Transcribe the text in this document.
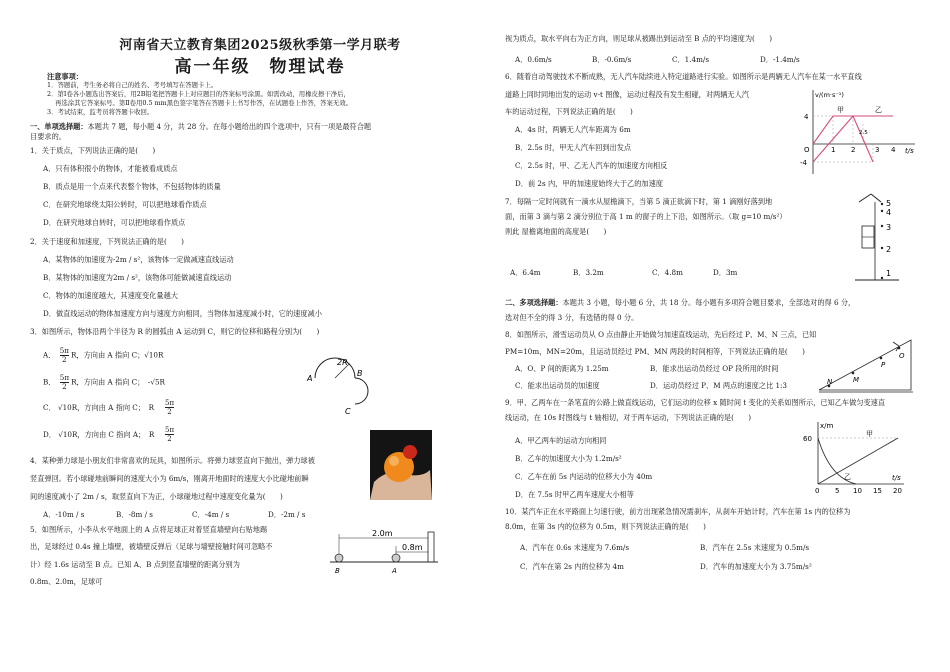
河南省天立教育集团2025级秋季第一学月联考
高一年级　物理试卷
注意事项：
1．答题前，考生务必将自己的姓名、考号填写在答题卡上。
2．第Ⅰ卷各小题选出答案后，用2B铅笔把答题卡上对应题目的答案标号涂黑。如需改动，用橡皮擦干净后，
再选涂其它答案标号。第Ⅱ卷用0.5 mm黑色签字笔答在答题卡上书写作答，在试题卷上作答，答案无效。
3．考试结束，监考员将答题卡收回。
一、单项选择题：本题共 7 题，每小题 4 分，共 28 分。在每小题给出的四个选项中，只有一项是最符合题
目要求的。
1．关于质点，下列说法正确的是(　　)
A．只有体积很小的物体，才能被看成质点
B．质点是用一个点来代表整个物体，不包括物体的质量
C．在研究地球绕太阳公转时，可以把地球看作质点
D．在研究地球自转时，可以把地球看作质点
2．关于速度和加速度，下列说法正确的是(　　)
A．某物体的加速度为-2m / s²，该物体一定做减速直线运动
B．某物体的加速度为2m / s²，该物体可能做减速直线运动
C．物体的加速度越大，其速度变化量越大
D．做直线运动的物体加速度方向与速度方向相同，当物体加速度减小时，它的速度减小
3．如图所示，物体沿两个半径为 R 的圆弧由 A 运动到 C，则它的位移和路程分别为(　　)
A． $\frac{5\pi}{2}$ R，方向由 A 指向 C；√10R
B． $\frac{5\pi}{2}$ R，方向由 A 指向 C；　-√5R
C． √10R，方向由 A 指向 C；　R
D． √10R，方向由 C 指向 A；　R
2R
A
B
C
5π
2
5π
2
4．某种弹力球是小朋友们非常喜欢的玩具，如图所示。将弹力球竖直向下抛出，弹力球被
竖直弹回。若小球碰地前瞬间的速度大小为 6m/s，刚离开地面时的速度大小比碰地前瞬
间的速度减小了 2m / s，取竖直向下为正，小球碰地过程中速度变化量为(　　)
A．-10m / s	B．-8m / s	C．-4m / s	D．-2m / s
5．如图所示，小李从水平地面上的 A 点将足球正对着竖直墙壁向右贴地踢
出，足球经过 0.4s 撞上墙壁，被墙壁反弹后（足球与墙壁接触时间可忽略不
计）经 1.6s 运动至 B 点。已知 A、B 点到竖直墙壁的距离分别为
0.8m、2.0m，足球可
2.0m
0.8m
B	A
视为质点，取水平向右为正方向，则足球从被踢出到运动至 B 点的平均速度为(　　)
A．0.6m/s	B．-0.6m/s	C．1.4m/s	D．-1.4m/s
6．随着自动驾驶技术不断成熟，无人汽车陆续进入特定道路进行实验。如图所示是两辆无人汽车在某一水平直线
道路上同时同地出发的运动 v-t 图像，运动过程没有发生相碰，对两辆无人汽
车的运动过程，下列说法正确的是(　　)
A．4s 时，两辆无人汽车距离为 6m
B．2.5s 时，甲无人汽车回到出发点
C．2.5s 时，甲、乙无人汽车的加速度方向相反
D．前 2s 内，甲的加速度始终大于乙的加速度
v/(m·s⁻¹)
甲	乙
4
-4
O	t/s
2.5
1 2	3 4
7．每隔一定时间就有一滴水从屋檐滴下，当第 5 滴正欲滴下时，第 1 滴刚好落到地
面，而第 3 滴与第 2 滴分别位于高 1 m 的窗子的上下沿，如图所示。（取 g=10 m/s²）
则此 屋檐离地面的高度是(　　)
A．6.4m	B．3.2m	C．4.8m	D．3m
5
4
3
2
1
二、多项选择题：本题共 3 小题，每小题 6 分，共 18 分。每小题有多项符合题目要求，全部选对的得 6 分，
选对但不全的得 3 分，有选错的得 0 分。
8．如图所示，滑雪运动员从 O 点由静止开始做匀加速直线运动，先后经过 P、M、N 三点，已知
PM=10m，MN=20m，且运动员经过 PM、MN 两段的时间相等，下列说法正确的是(　　)
A．O、P 间的距离为 1.25m	B．能求出运动员经过 OP 段所用的时间
C．能求出运动员的加速度	D．运动员经过 P、M 两点的速度之比 1:3
O
P
M
N
9．甲、乙两车在一条笔直的公路上做直线运动，它们运动的位移 x 随时间 t 变化的关系如图所示，已知乙车做匀变速直
线运动，在 10s 时图线与 t 轴相切，对于两车运动，下列说法正确的是(　　)
A．甲乙两车的运动方向相同
B．乙车的加速度大小为 1.2m/s²
C．乙车在前 5s 内运动的位移大小为 40m
D．在 7.5s 时甲乙两车速度大小相等
x/m
60
甲
乙	t/s
0 5 10 15 20
10．某汽车正在水平路面上匀速行驶，前方出现紧急情况需刹车，从刹车开始计时，汽车在第 1s 内的位移为
8.0m，在第 3s 内的位移为 0.5m，则下列说法正确的是(　　)
A．汽车在 0.6s 末速度为 7.6m/s	B．汽车在 2.5s 末速度为 0.5m/s
C．汽车在第 2s 内的位移为 4m	D．汽车的加速度大小为 3.75m/s²
